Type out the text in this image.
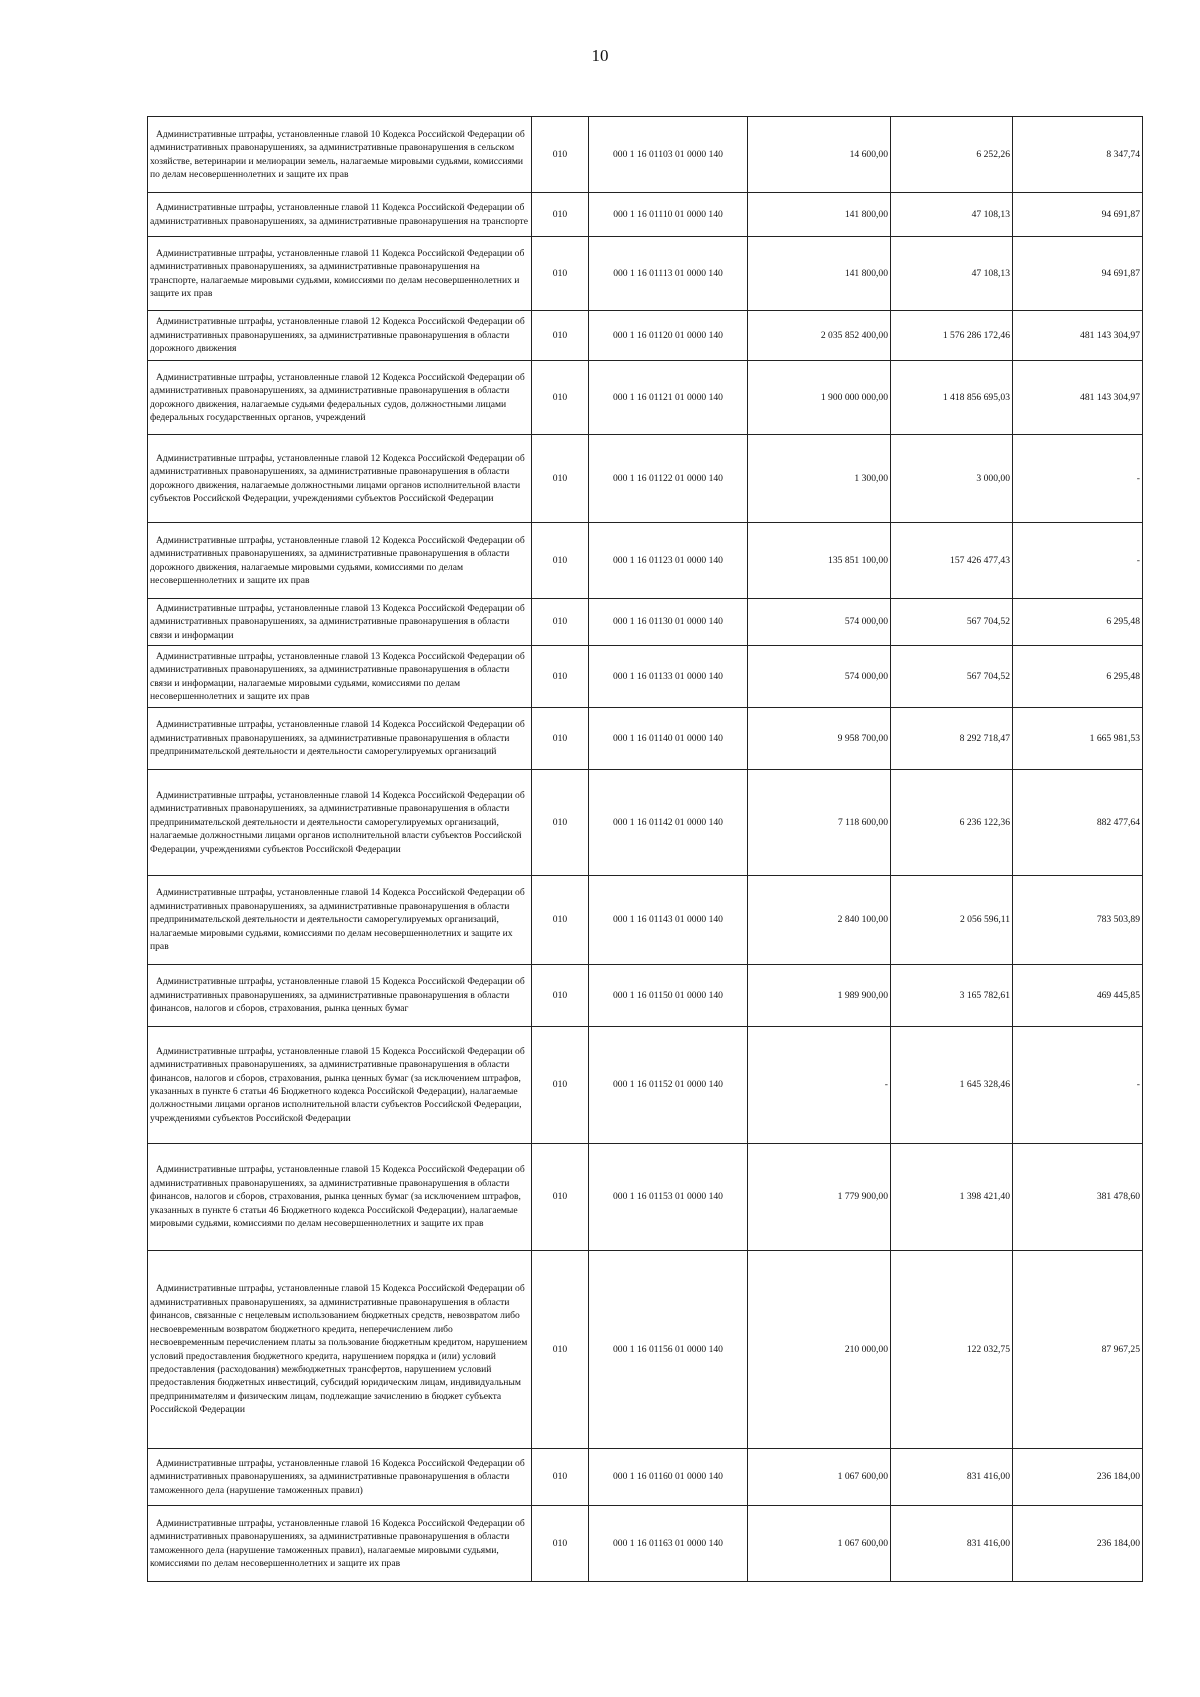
10
Административные штрафы, установленные главой 10 Кодекса Российской Федерации об административных правонарушениях, за административные правонарушения в сельском хозяйстве, ветеринарии и мелиорации земель, налагаемые мировыми судьями, комиссиями по делам несовершеннолетних и защите их прав	010	000 1 16 01103 01 0000 140	14 600,00	6 252,26	8 347,74
Административные штрафы, установленные главой 11 Кодекса Российской Федерации об административных правонарушениях, за административные правонарушения на транспорте	010	000 1 16 01110 01 0000 140	141 800,00	47 108,13	94 691,87
Административные штрафы, установленные главой 11 Кодекса Российской Федерации об административных правонарушениях, за административные правонарушения на транспорте, налагаемые мировыми судьями, комиссиями по делам несовершеннолетних и защите их прав	010	000 1 16 01113 01 0000 140	141 800,00	47 108,13	94 691,87
Административные штрафы, установленные главой 12 Кодекса Российской Федерации об административных правонарушениях, за административные правонарушения в области дорожного движения	010	000 1 16 01120 01 0000 140	2 035 852 400,00	1 576 286 172,46	481 143 304,97
Административные штрафы, установленные главой 12 Кодекса Российской Федерации об административных правонарушениях, за административные правонарушения в области дорожного движения, налагаемые судьями федеральных судов, должностными лицами федеральных государственных органов, учреждений	010	000 1 16 01121 01 0000 140	1 900 000 000,00	1 418 856 695,03	481 143 304,97
Административные штрафы, установленные главой 12 Кодекса Российской Федерации об административных правонарушениях, за административные правонарушения в области дорожного движения, налагаемые должностными лицами органов исполнительной власти субъектов Российской Федерации, учреждениями субъектов Российской Федерации	010	000 1 16 01122 01 0000 140	1 300,00	3 000,00	-
Административные штрафы, установленные главой 12 Кодекса Российской Федерации об административных правонарушениях, за административные правонарушения в области дорожного движения, налагаемые мировыми судьями, комиссиями по делам несовершеннолетних и защите их прав	010	000 1 16 01123 01 0000 140	135 851 100,00	157 426 477,43	-
Административные штрафы, установленные главой 13 Кодекса Российской Федерации об административных правонарушениях, за административные правонарушения в области связи и информации	010	000 1 16 01130 01 0000 140	574 000,00	567 704,52	6 295,48
Административные штрафы, установленные главой 13 Кодекса Российской Федерации об административных правонарушениях, за административные правонарушения в области связи и информации, налагаемые мировыми судьями, комиссиями по делам несовершеннолетних и защите их прав	010	000 1 16 01133 01 0000 140	574 000,00	567 704,52	6 295,48
Административные штрафы, установленные главой 14 Кодекса Российской Федерации об административных правонарушениях, за административные правонарушения в области предпринимательской деятельности и деятельности саморегулируемых организаций	010	000 1 16 01140 01 0000 140	9 958 700,00	8 292 718,47	1 665 981,53
Административные штрафы, установленные главой 14 Кодекса Российской Федерации об административных правонарушениях, за административные правонарушения в области предпринимательской деятельности и деятельности саморегулируемых организаций, налагаемые должностными лицами органов исполнительной власти субъектов Российской Федерации, учреждениями субъектов Российской Федерации	010	000 1 16 01142 01 0000 140	7 118 600,00	6 236 122,36	882 477,64
Административные штрафы, установленные главой 14 Кодекса Российской Федерации об административных правонарушениях, за административные правонарушения в области предпринимательской деятельности и деятельности саморегулируемых организаций, налагаемые мировыми судьями, комиссиями по делам несовершеннолетних и защите их прав	010	000 1 16 01143 01 0000 140	2 840 100,00	2 056 596,11	783 503,89
Административные штрафы, установленные главой 15 Кодекса Российской Федерации об административных правонарушениях, за административные правонарушения в области финансов, налогов и сборов, страхования, рынка ценных бумаг	010	000 1 16 01150 01 0000 140	1 989 900,00	3 165 782,61	469 445,85
Административные штрафы, установленные главой 15 Кодекса Российской Федерации об административных правонарушениях, за административные правонарушения в области финансов, налогов и сборов, страхования, рынка ценных бумаг (за исключением штрафов, указанных в пункте 6 статьи 46 Бюджетного кодекса Российской Федерации), налагаемые должностными лицами органов исполнительной власти субъектов Российской Федерации, учреждениями субъектов Российской Федерации	010	000 1 16 01152 01 0000 140	-	1 645 328,46	-
Административные штрафы, установленные главой 15 Кодекса Российской Федерации об административных правонарушениях, за административные правонарушения в области финансов, налогов и сборов, страхования, рынка ценных бумаг (за исключением штрафов, указанных в пункте 6 статьи 46 Бюджетного кодекса Российской Федерации), налагаемые мировыми судьями, комиссиями по делам несовершеннолетних и защите их прав	010	000 1 16 01153 01 0000 140	1 779 900,00	1 398 421,40	381 478,60
Административные штрафы, установленные главой 15 Кодекса Российской Федерации об административных правонарушениях, за административные правонарушения в области финансов, связанные с нецелевым использованием бюджетных средств, невозвратом либо несвоевременным возвратом бюджетного кредита, неперечислением либо несвоевременным перечислением платы за пользование бюджетным кредитом, нарушением условий предоставления бюджетного кредита, нарушением порядка и (или) условий предоставления (расходования) межбюджетных трансфертов, нарушением условий предоставления бюджетных инвестиций, субсидий юридическим лицам, индивидуальным предпринимателям и физическим лицам, подлежащие зачислению в бюджет субъекта Российской Федерации	010	000 1 16 01156 01 0000 140	210 000,00	122 032,75	87 967,25
Административные штрафы, установленные главой 16 Кодекса Российской Федерации об административных правонарушениях, за административные правонарушения в области таможенного дела (нарушение таможенных правил)	010	000 1 16 01160 01 0000 140	1 067 600,00	831 416,00	236 184,00
Административные штрафы, установленные главой 16 Кодекса Российской Федерации об административных правонарушениях, за административные правонарушения в области таможенного дела (нарушение таможенных правил), налагаемые мировыми судьями, комиссиями по делам несовершеннолетних и защите их прав	010	000 1 16 01163 01 0000 140	1 067 600,00	831 416,00	236 184,00
